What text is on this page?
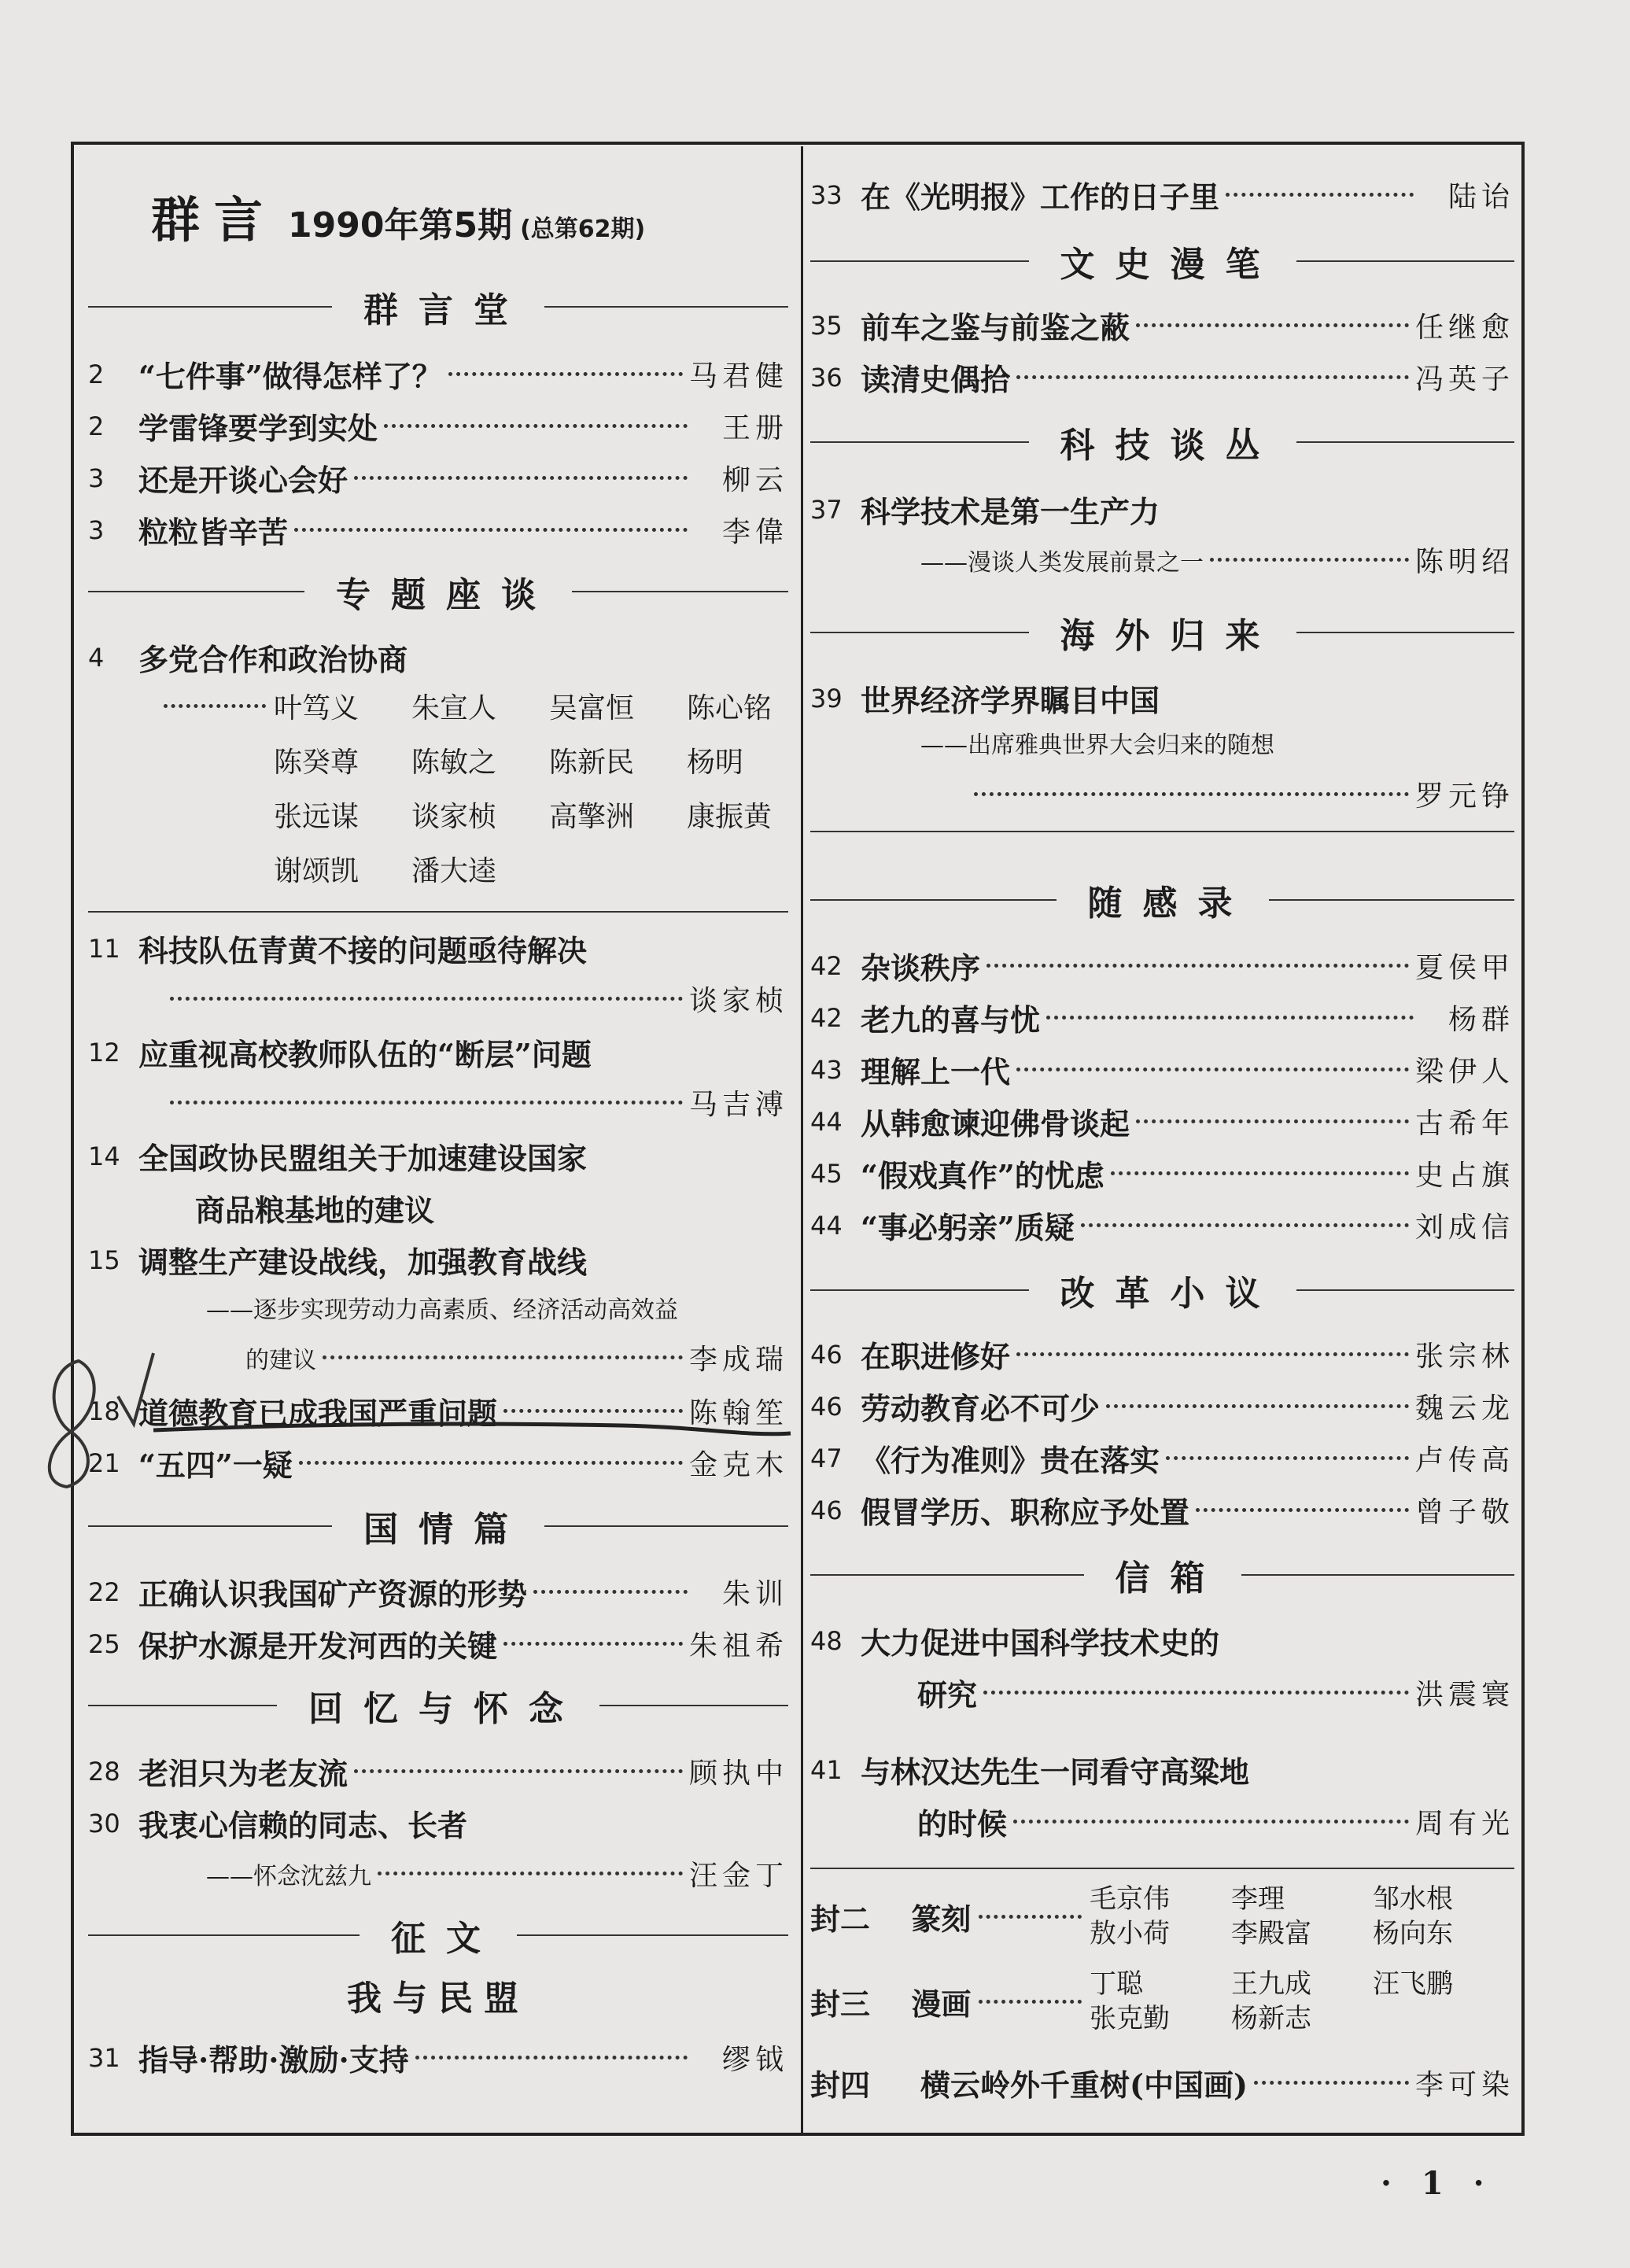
群言 1990年第5期 (总第62期)
群言堂
2	“七件事”做得怎样了？	马君健
2	学雷锋要学到实处	王册
3	还是开谈心会好	柳云
3	粒粒皆辛苦	李偉
专题座谈
4	多党合作和政治协商
叶笃义	朱宣人	吴富恒	陈心铭
陈癸尊 陈敏之 陈新民 杨明
张远谋 谈家桢 高擎洲 康振黄
谢颂凯 潘大逵
11 科技队伍青黄不接的问题亟待解决
谈家桢
12 应重视高校教师队伍的“断层”问题
马吉溥
14 全国政协民盟组关于加速建设国家
商品粮基地的建议
15 调整生产建设战线，加强教育战线
——逐步实现劳动力高素质、经济活动高效益
的建议	李成瑞
18 道德教育已成我国严重问题	陈翰笙
21 “五四”一疑	金克木
国情篇
22 正确认识我国矿产资源的形势	朱训
25 保护水源是开发河西的关键	朱祖希
回忆与怀念
28 老泪只为老友流	顾执中
30 我衷心信赖的同志、长者
——怀念沈兹九	汪金丁
征文
我与民盟
31 指导·帮助·激励·支持	缪钺
33 在《光明报》工作的日子里	陆诒
文史漫笔
35 前车之鉴与前鉴之蔽	任继愈
36 读清史偶拾	冯英子
科技谈丛
37 科学技术是第一生产力
——漫谈人类发展前景之一	陈明绍
海外归来
39 世界经济学界瞩目中国
——出席雅典世界大会归来的随想
罗元铮
随感录
42 杂谈秩序	夏侯甲
42 老九的喜与忧	杨群
43 理解上一代	梁伊人
44 从韩愈谏迎佛骨谈起	古希年
45 “假戏真作”的忧虑	史占旗
44 “事必躬亲”质疑	刘成信
改革小议
46 在职进修好	张宗林
46 劳动教育必不可少	魏云龙
47 《行为准则》贵在落实	卢传高
46 假冒学历、职称应予处置	曾子敬
信箱
48 大力促进中国科学技术史的
研究	洪震寰
41 与林汉达先生一同看守高粱地
的时候	周有光
封二 篆刻
毛京伟 李理	邹水根
敖小荷 李殿富 杨向东
封三 漫画
丁聪	王九成 汪飞鹏
张克勤 杨新志
封四	横云岭外千重树(中国画)	李可染
· 1 ·
